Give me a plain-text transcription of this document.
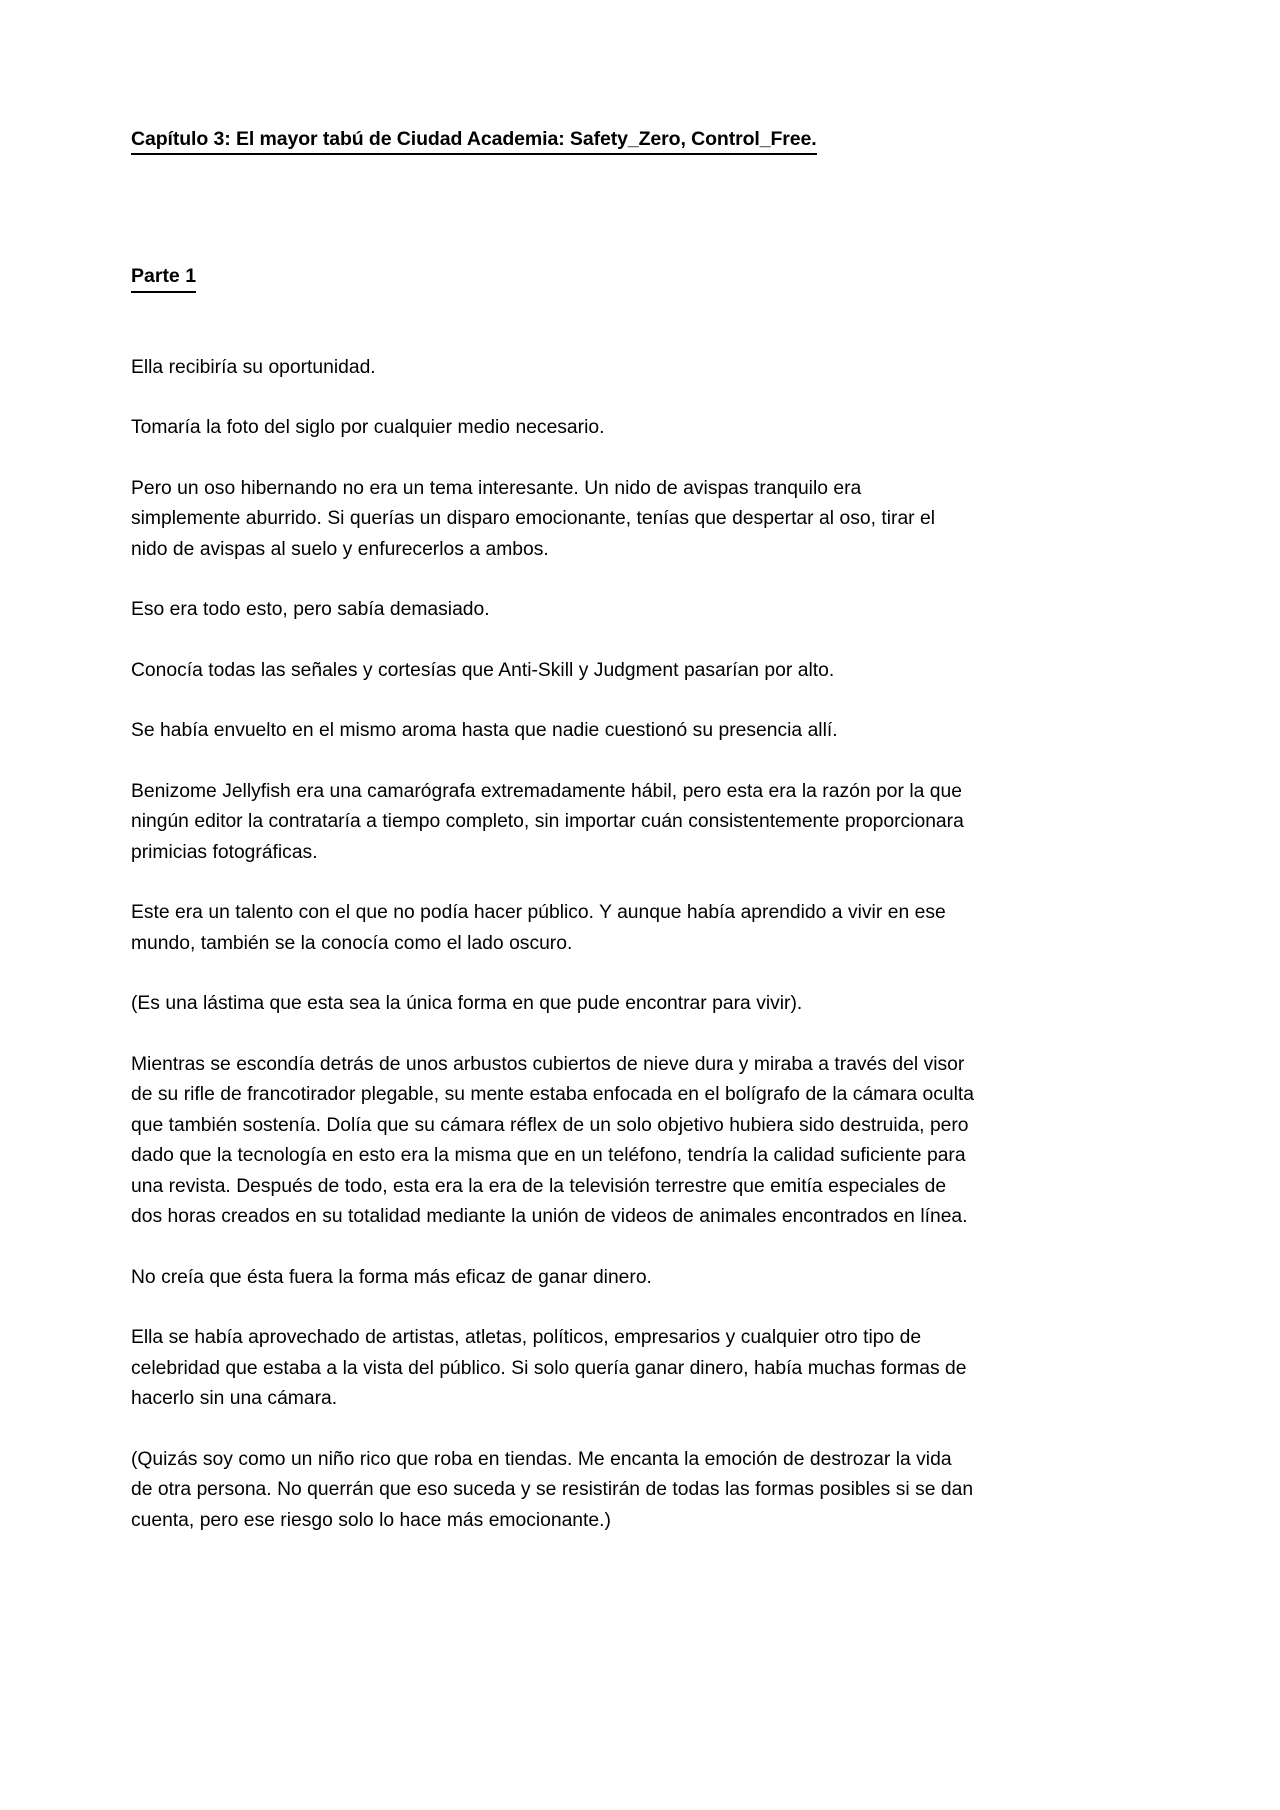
Capítulo 3: El mayor tabú de Ciudad Academia: Safety_Zero, Control_Free.
Parte 1

Ella recibiría su oportunidad.

Tomaría la foto del siglo por cualquier medio necesario.

Pero un oso hibernando no era un tema interesante. Un nido de avispas tranquilo era simplemente aburrido. Si querías un disparo emocionante, tenías que despertar al oso, tirar el nido de avispas al suelo y enfurecerlos a ambos.

Eso era todo esto, pero sabía demasiado.

Conocía todas las señales y cortesías que Anti-Skill y Judgment pasarían por alto.

Se había envuelto en el mismo aroma hasta que nadie cuestionó su presencia allí.

Benizome Jellyfish era una camarógrafa extremadamente hábil, pero esta era la razón por la que ningún editor la contrataría a tiempo completo, sin importar cuán consistentemente proporcionara primicias fotográficas.

Este era un talento con el que no podía hacer público. Y aunque había aprendido a vivir en ese mundo, también se la conocía como el lado oscuro.

(Es una lástima que esta sea la única forma en que pude encontrar para vivir).

Mientras se escondía detrás de unos arbustos cubiertos de nieve dura y miraba a través del visor de su rifle de francotirador plegable, su mente estaba enfocada en el bolígrafo de la cámara oculta que también sostenía. Dolía que su cámara réflex de un solo objetivo hubiera sido destruida, pero dado que la tecnología en esto era la misma que en un teléfono, tendría la calidad suficiente para una revista. Después de todo, esta era la era de la televisión terrestre que emitía especiales de dos horas creados en su totalidad mediante la unión de videos de animales encontrados en línea.

No creía que ésta fuera la forma más eficaz de ganar dinero.

Ella se había aprovechado de artistas, atletas, políticos, empresarios y cualquier otro tipo de celebridad que estaba a la vista del público. Si solo quería ganar dinero, había muchas formas de hacerlo sin una cámara.

(Quizás soy como un niño rico que roba en tiendas. Me encanta la emoción de destrozar la vida de otra persona. No querrán que eso suceda y se resistirán de todas las formas posibles si se dan cuenta, pero ese riesgo solo lo hace más emocionante.)
